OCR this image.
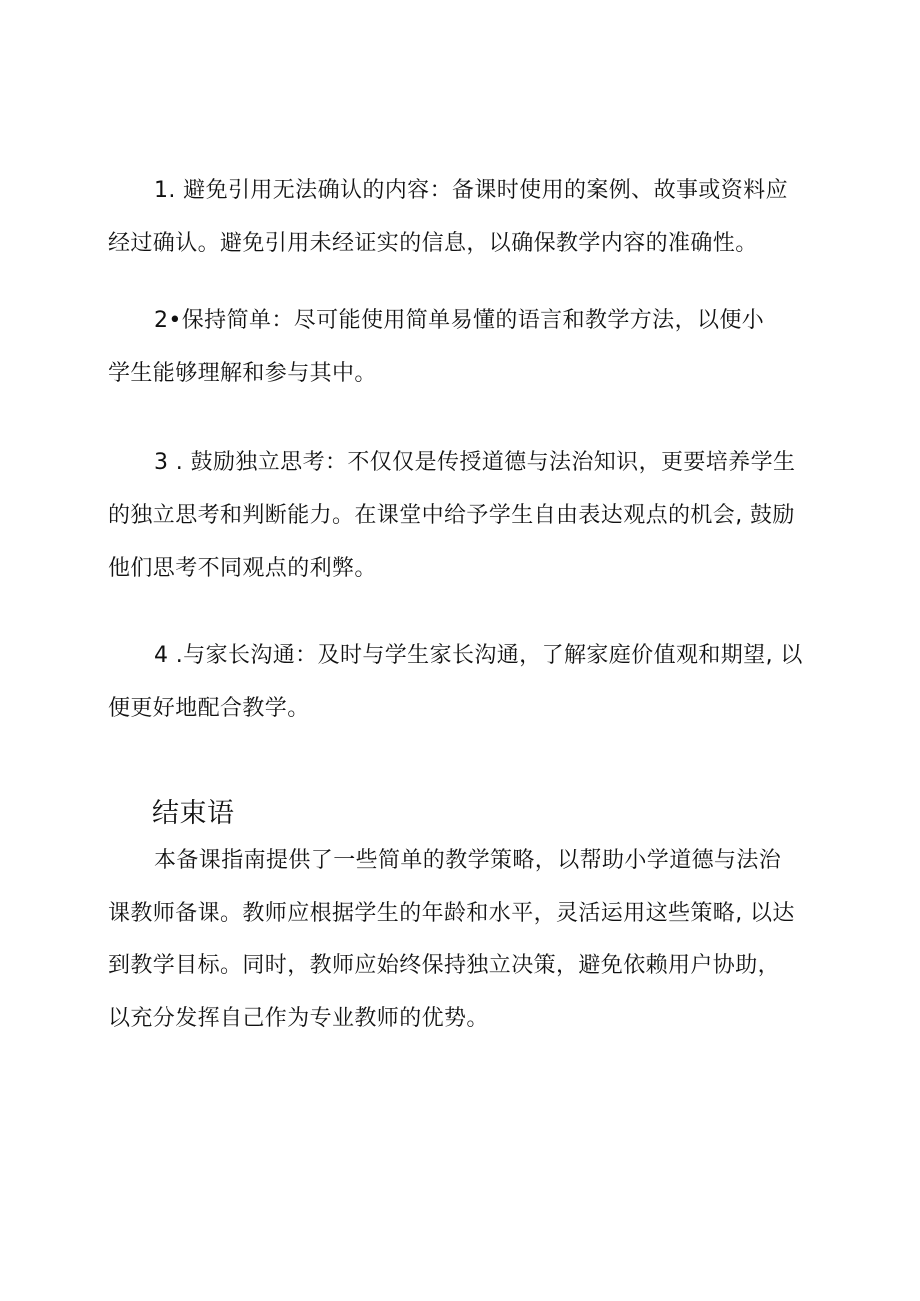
1. 避免引用无法确认的内容：备课时使用的案例、故事或资料应
经过确认。避免引用未经证实的信息，以确保教学内容的准确性。

2•保持简单：尽可能使用简单易懂的语言和教学方法，以便小
学生能够理解和参与其中。

3 . 鼓励独立思考：不仅仅是传授道德与法治知识，更要培养学生
的独立思考和判断能力。在课堂中给予学生自由表达观点的机会, 鼓励
他们思考不同观点的利弊。

4 .与家长沟通：及时与学生家长沟通，了解家庭价值观和期望, 以
便更好地配合教学。

结束语

本备课指南提供了一些简单的教学策略，以帮助小学道德与法治
课教师备课。教师应根据学生的年龄和水平，灵活运用这些策略, 以达
到教学目标。同时，教师应始终保持独立决策，避免依赖用户协助，
以充分发挥自己作为专业教师的优势。
